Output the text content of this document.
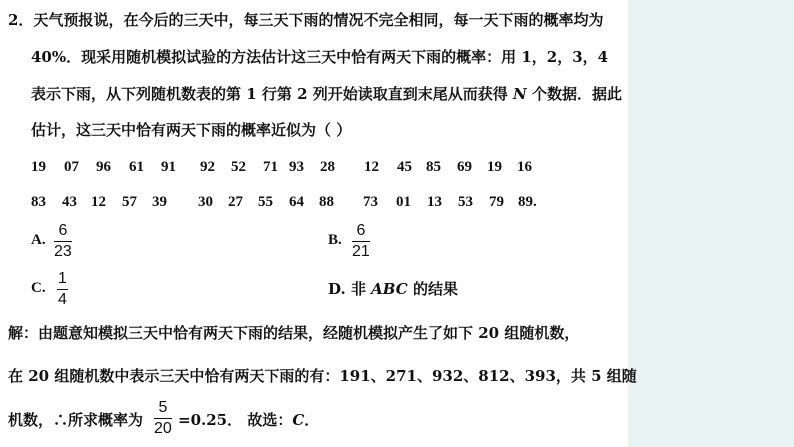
2．天气预报说，在今后的三天中，每三天下雨的情况不完全相同，每一天下雨的概率均为
40%．现采用随机模拟试验的方法估计这三天中恰有两天下雨的概率：用 1，2，3，4
表示下雨，从下列随机数表的第 1 行第 2 列开始读取直到末尾从而获得 N 个数据．据此
估计，这三天中恰有两天下雨的概率近似为（ ）
19 07 96 61 91 92 52 71 93 28 12 45 85 69 19 16
83 43 12 57 39 30 27 55 64 88 73 01 13 53 79 89.
A.
6
23
B.
6
21
C.
1
4
D. 非 ABC 的结果
解：由题意知模拟三天中恰有两天下雨的结果，经随机模拟产生了如下 20 组随机数，
在 20 组随机数中表示三天中恰有两天下雨的有：191、271、932、812、393，共 5 组随
机数，∴所求概率为
5
20 =0.25． 故选：C．
